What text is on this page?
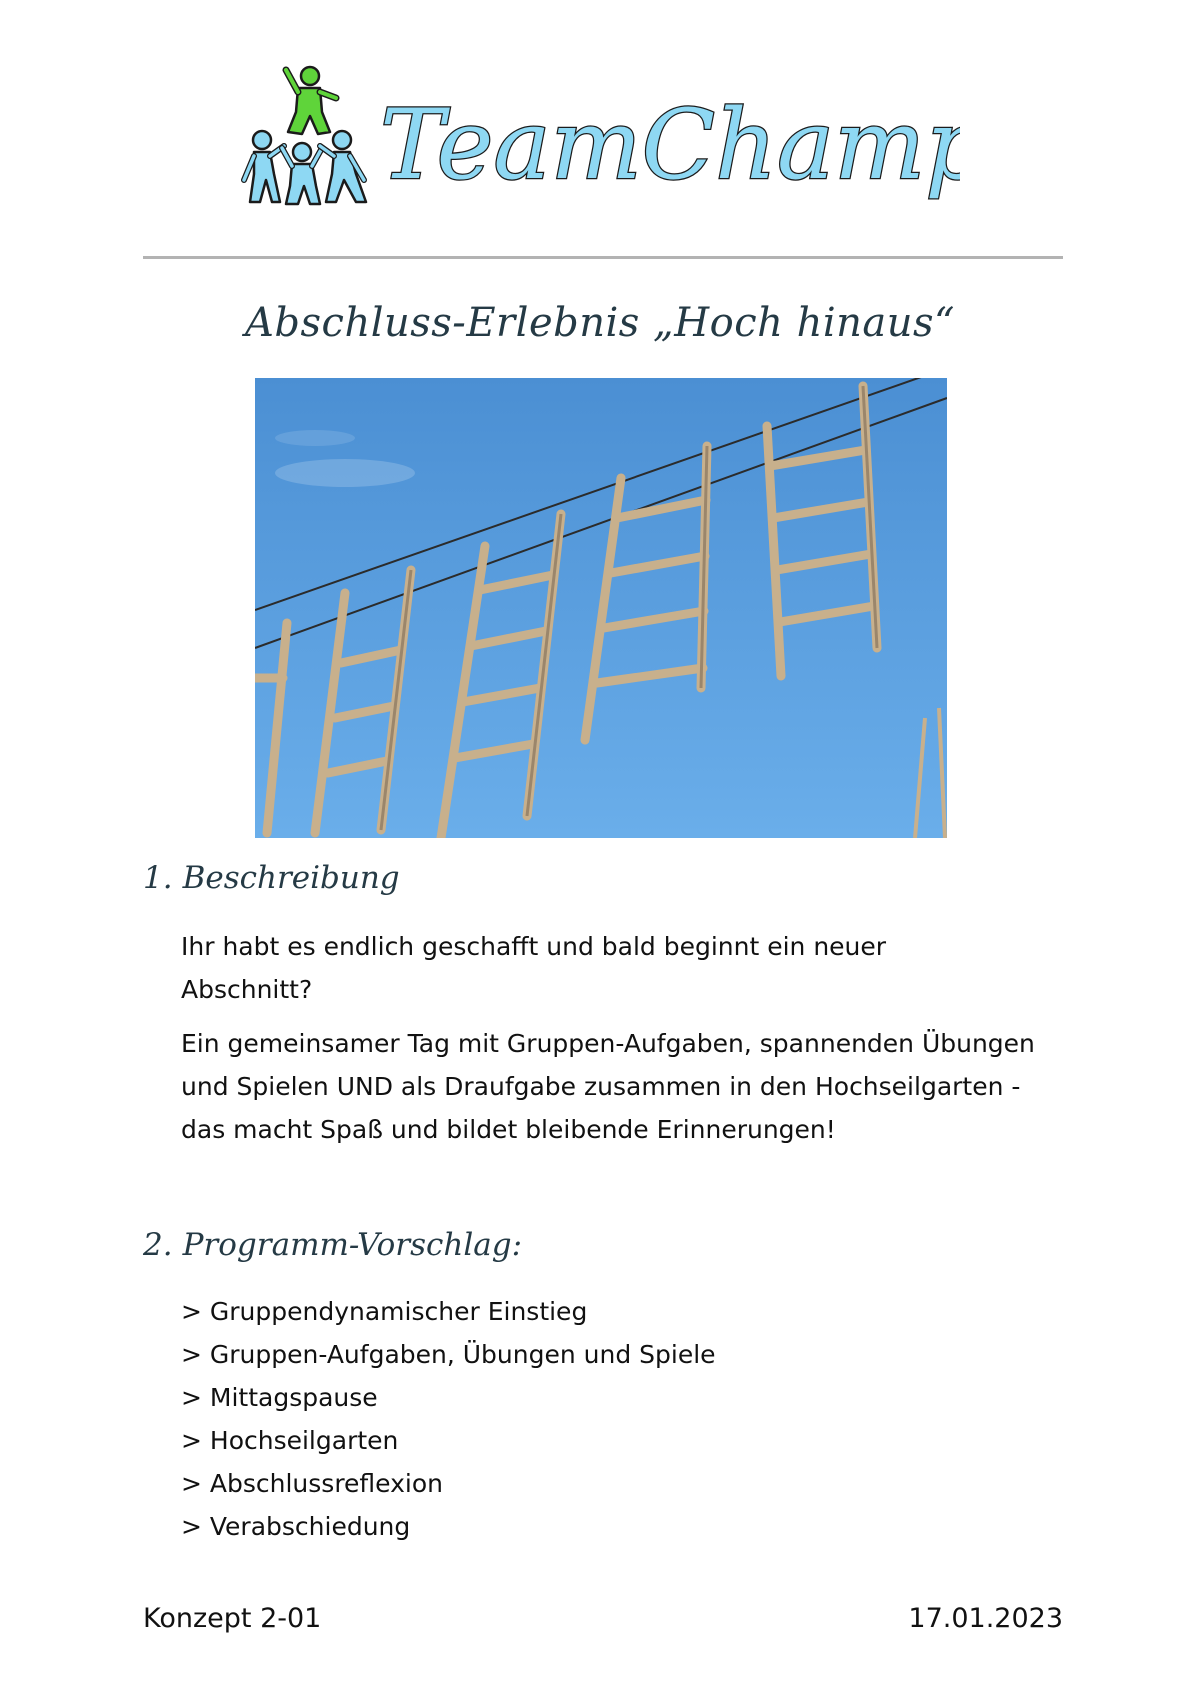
TeamChamp
Abschluss-Erlebnis „Hoch hinaus“
1. Beschreibung
Ihr habt es endlich geschafft und bald beginnt ein neuer Abschnitt?
Ein gemeinsamer Tag mit Gruppen-Aufgaben, spannenden Übungen und Spielen UND als Draufgabe zusammen in den Hochseilgarten - das macht Spaß und bildet bleibende Erinnerungen!
2. Programm-Vorschlag:
> Gruppendynamischer Einstieg
> Gruppen-Aufgaben, Übungen und Spiele
> Mittagspause
> Hochseilgarten
> Abschlussreflexion
> Verabschiedung
Konzept 2-01	17.01.2023
